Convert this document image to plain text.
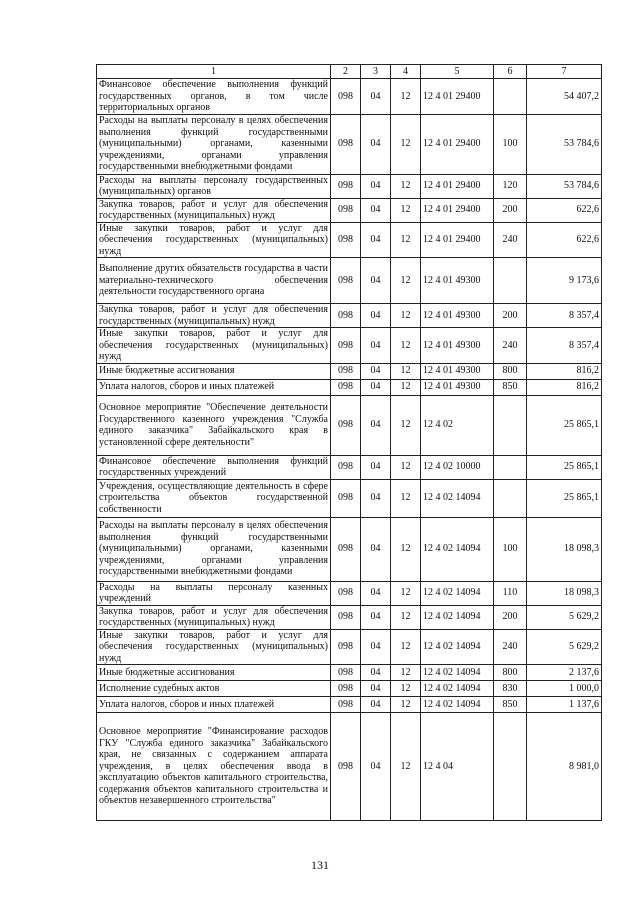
1	2	3	4	5	6	7
Финансовое обеспечение выполнения функций государственных органов, в том числе территориальных органов	098	04	12	12 4 01 29400		54 407,2
Расходы на выплаты персоналу в целях обеспечения выполнения функций государственными (муниципальными) органами, казенными учреждениями, органами управления государственными внебюджетными фондами	098	04	12	12 4 01 29400	100	53 784,6
Расходы на выплаты персоналу государственных (муниципальных) органов	098	04	12	12 4 01 29400	120	53 784,6
Закупка товаров, работ и услуг для обеспечения государственных (муниципальных) нужд	098	04	12	12 4 01 29400	200	622,6
Иные закупки товаров, работ и услуг для обеспечения государственных (муниципальных) нужд	098	04	12	12 4 01 29400	240	622,6
Выполнение других обязательств государства в части материально-технического обеспечения деятельности государственного органа	098	04	12	12 4 01 49300		9 173,6
Закупка товаров, работ и услуг для обеспечения государственных (муниципальных) нужд	098	04	12	12 4 01 49300	200	8 357,4
Иные закупки товаров, работ и услуг для обеспечения государственных (муниципальных) нужд	098	04	12	12 4 01 49300	240	8 357,4
Иные бюджетные ассигнования	098	04	12	12 4 01 49300	800	816,2
Уплата налогов, сборов и иных платежей	098	04	12	12 4 01 49300	850	816,2
Основное мероприятие "Обеспечение деятельности Государственного казенного учреждения "Служба единого заказчика" Забайкальского края в установленной сфере деятельности"	098	04	12	12 4 02		25 865,1
Финансовое обеспечение выполнения функций государственных учреждений	098	04	12	12 4 02 10000		25 865,1
Учреждения, осуществляющие деятельность в сфере строительства объектов государственной собственности	098	04	12	12 4 02 14094		25 865,1
Расходы на выплаты персоналу в целях обеспечения выполнения функций государственными (муниципальными) органами, казенными учреждениями, органами управления государственными внебюджетными фондами	098	04	12	12 4 02 14094	100	18 098,3
Расходы на выплаты персоналу казенных учреждений	098	04	12	12 4 02 14094	110	18 098,3
Закупка товаров, работ и услуг для обеспечения государственных (муниципальных) нужд	098	04	12	12 4 02 14094	200	5 629,2
Иные закупки товаров, работ и услуг для обеспечения государственных (муниципальных) нужд	098	04	12	12 4 02 14094	240	5 629,2
Иные бюджетные ассигнования	098	04	12	12 4 02 14094	800	2 137,6
Исполнение судебных актов	098	04	12	12 4 02 14094	830	1 000,0
Уплата налогов, сборов и иных платежей	098	04	12	12 4 02 14094	850	1 137,6
Основное мероприятие "Финансирование расходов ГКУ "Служба единого заказчика" Забайкальского края, не связанных с содержанием аппарата учреждения, в целях обеспечения ввода в эксплуатацию объектов капитального строительства, содержания объектов капитального строительства и объектов незавершенного строительства"	098	04	12	12 4 04		8 981,0
131
